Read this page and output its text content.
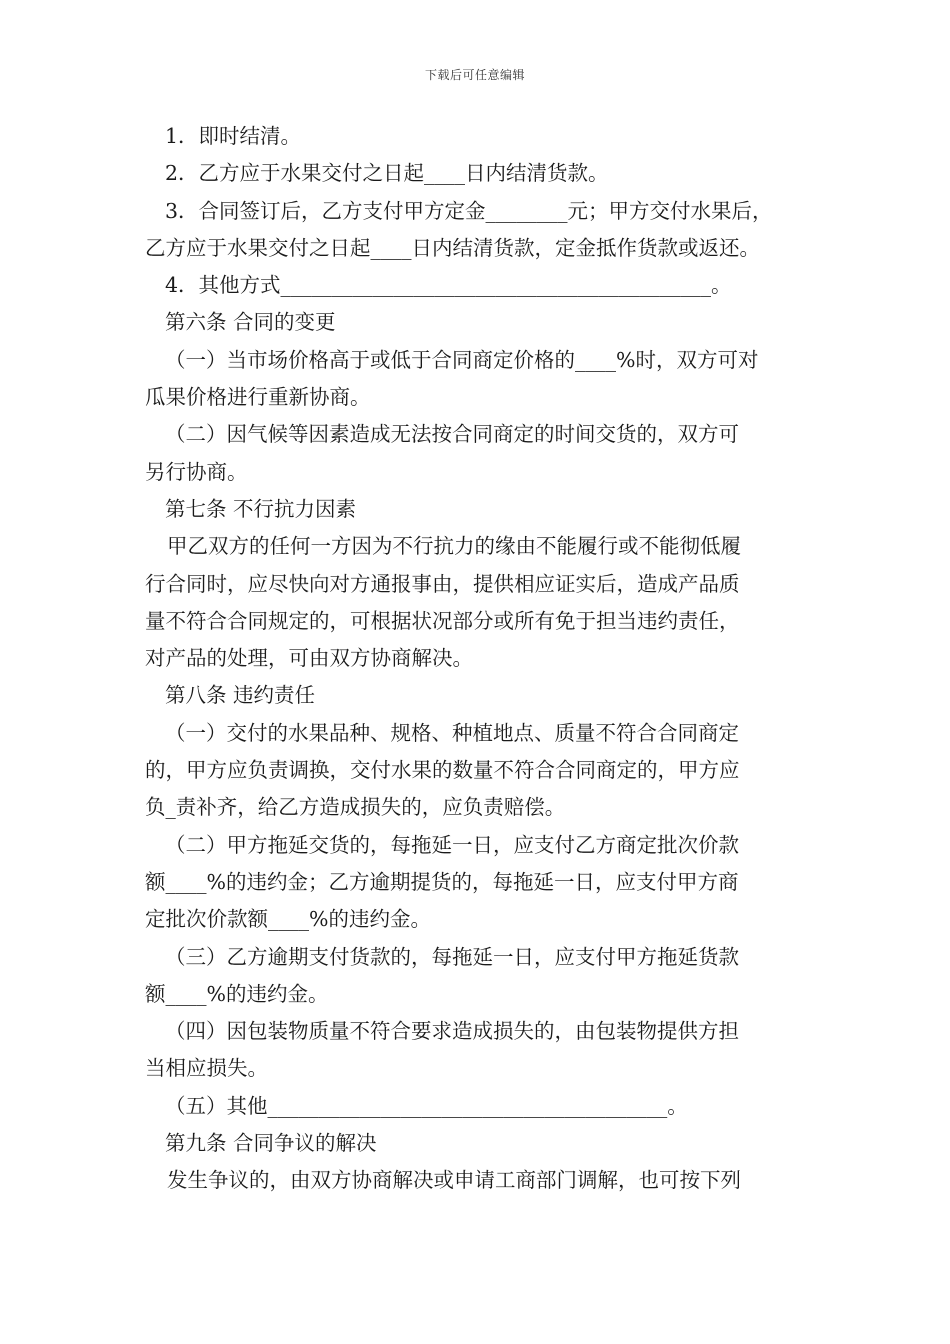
下载后可任意编辑
1．即时结清。
2．乙方应于水果交付之日起____日内结清货款。
3．合同签订后，乙方支付甲方定金________元；甲方交付水果后，
乙方应于水果交付之日起____日内结清货款，定金抵作货款或返还。
4．其他方式__________________________________________。
第六条 合同的变更
（一）当市场价格高于或低于合同商定价格的____%时，双方可对
瓜果价格进行重新协商。
（二）因气候等因素造成无法按合同商定的时间交货的，双方可
另行协商。
第七条 不行抗力因素
甲乙双方的任何一方因为不行抗力的缘由不能履行或不能彻低履
行合同时，应尽快向对方通报事由，提供相应证实后，造成产品质
量不符合合同规定的，可根据状况部分或所有免于担当违约责任，
对产品的处理，可由双方协商解决。
第八条 违约责任
（一）交付的水果品种、规格、种植地点、质量不符合合同商定
的，甲方应负责调换，交付水果的数量不符合合同商定的，甲方应
负_责补齐，给乙方造成损失的，应负责赔偿。
（二）甲方拖延交货的，每拖延一日，应支付乙方商定批次价款
额____%的违约金；乙方逾期提货的，每拖延一日，应支付甲方商
定批次价款额____%的违约金。
（三）乙方逾期支付货款的，每拖延一日，应支付甲方拖延货款
额____%的违约金。
（四）因包装物质量不符合要求造成损失的，由包装物提供方担
当相应损失。
（五）其他_______________________________________。
第九条 合同争议的解决
发生争议的，由双方协商解决或申请工商部门调解，也可按下列
